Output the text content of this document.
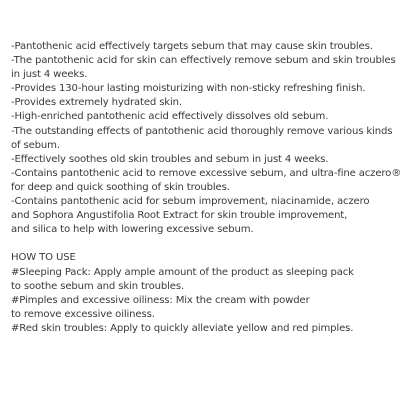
-Pantothenic acid effectively targets sebum that may cause skin troubles.
-The pantothenic acid for skin can effectively remove sebum and skin troubles
in just 4 weeks.
-Provides 130-hour lasting moisturizing with non-sticky refreshing finish.
-Provides extremely hydrated skin.
-High-enriched pantothenic acid effectively dissolves old sebum.
-The outstanding effects of pantothenic acid thoroughly remove various kinds
of sebum.
-Effectively soothes old skin troubles and sebum in just 4 weeks.
-Contains pantothenic acid to remove excessive sebum, and ultra-fine aczero®
for deep and quick soothing of skin troubles.
-Contains pantothenic acid for sebum improvement, niacinamide, aczero
and Sophora Angustifolia Root Extract for skin trouble improvement,
and silica to help with lowering excessive sebum.
HOW TO USE
#Sleeping Pack: Apply ample amount of the product as sleeping pack
to soothe sebum and skin troubles.
#Pimples and excessive oiliness: Mix the cream with powder
to remove excessive oiliness.
#Red skin troubles: Apply to quickly alleviate yellow and red pimples.
